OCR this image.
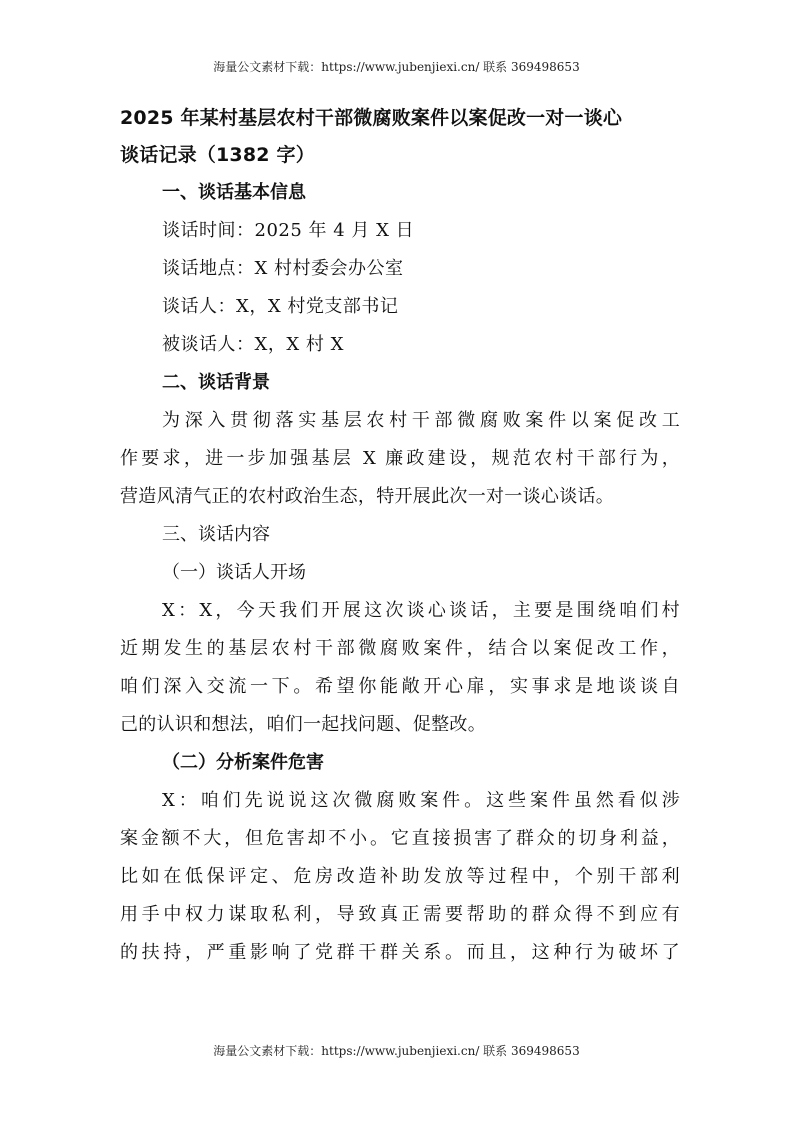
海量公文素材下载：https://www.jubenjiexi.cn/ 联系 369498653

2025 年某村基层农村干部微腐败案件以案促改一对一谈心

谈话记录（1382 字）

一、谈话基本信息

谈话时间：2025 年 4 月 X 日

谈话地点：X 村村委会办公室

谈话人：X，X 村党支部书记

被谈话人：X，X 村 X

二、谈话背景

为深入贯彻落实基层农村干部微腐败案件以案促改工

作要求，进一步加强基层 X 廉政建设，规范农村干部行为，

营造风清气正的农村政治生态，特开展此次一对一谈心谈话。

三、谈话内容

（一）谈话人开场

X：X，今天我们开展这次谈心谈话，主要是围绕咱们村

近期发生的基层农村干部微腐败案件，结合以案促改工作，

咱们深入交流一下。希望你能敞开心扉，实事求是地谈谈自

己的认识和想法，咱们一起找问题、促整改。

（二）分析案件危害

X：咱们先说说这次微腐败案件。这些案件虽然看似涉

案金额不大，但危害却不小。它直接损害了群众的切身利益，

比如在低保评定、危房改造补助发放等过程中，个别干部利

用手中权力谋取私利，导致真正需要帮助的群众得不到应有

的扶持，严重影响了党群干群关系。而且，这种行为破坏了

海量公文素材下载：https://www.jubenjiexi.cn/ 联系 369498653
